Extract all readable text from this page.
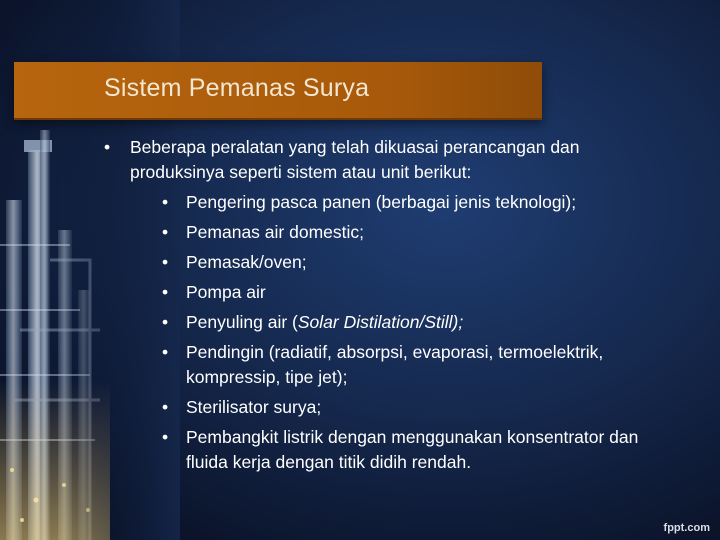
Sistem Pemanas Surya
• Beberapa peralatan yang telah dikuasai perancangan dan produksinya seperti sistem atau unit berikut:
• Pengering pasca panen (berbagai jenis teknologi);
• Pemanas air domestic;
• Pemasak/oven;
• Pompa air
• Penyuling air (Solar Distilation/Still);
• Pendingin (radiatif, absorpsi, evaporasi, termoelektrik, kompressip, tipe jet);
• Sterilisator surya;
• Pembangkit listrik dengan menggunakan konsentrator dan fluida kerja dengan titik didih rendah.
fppt.com
